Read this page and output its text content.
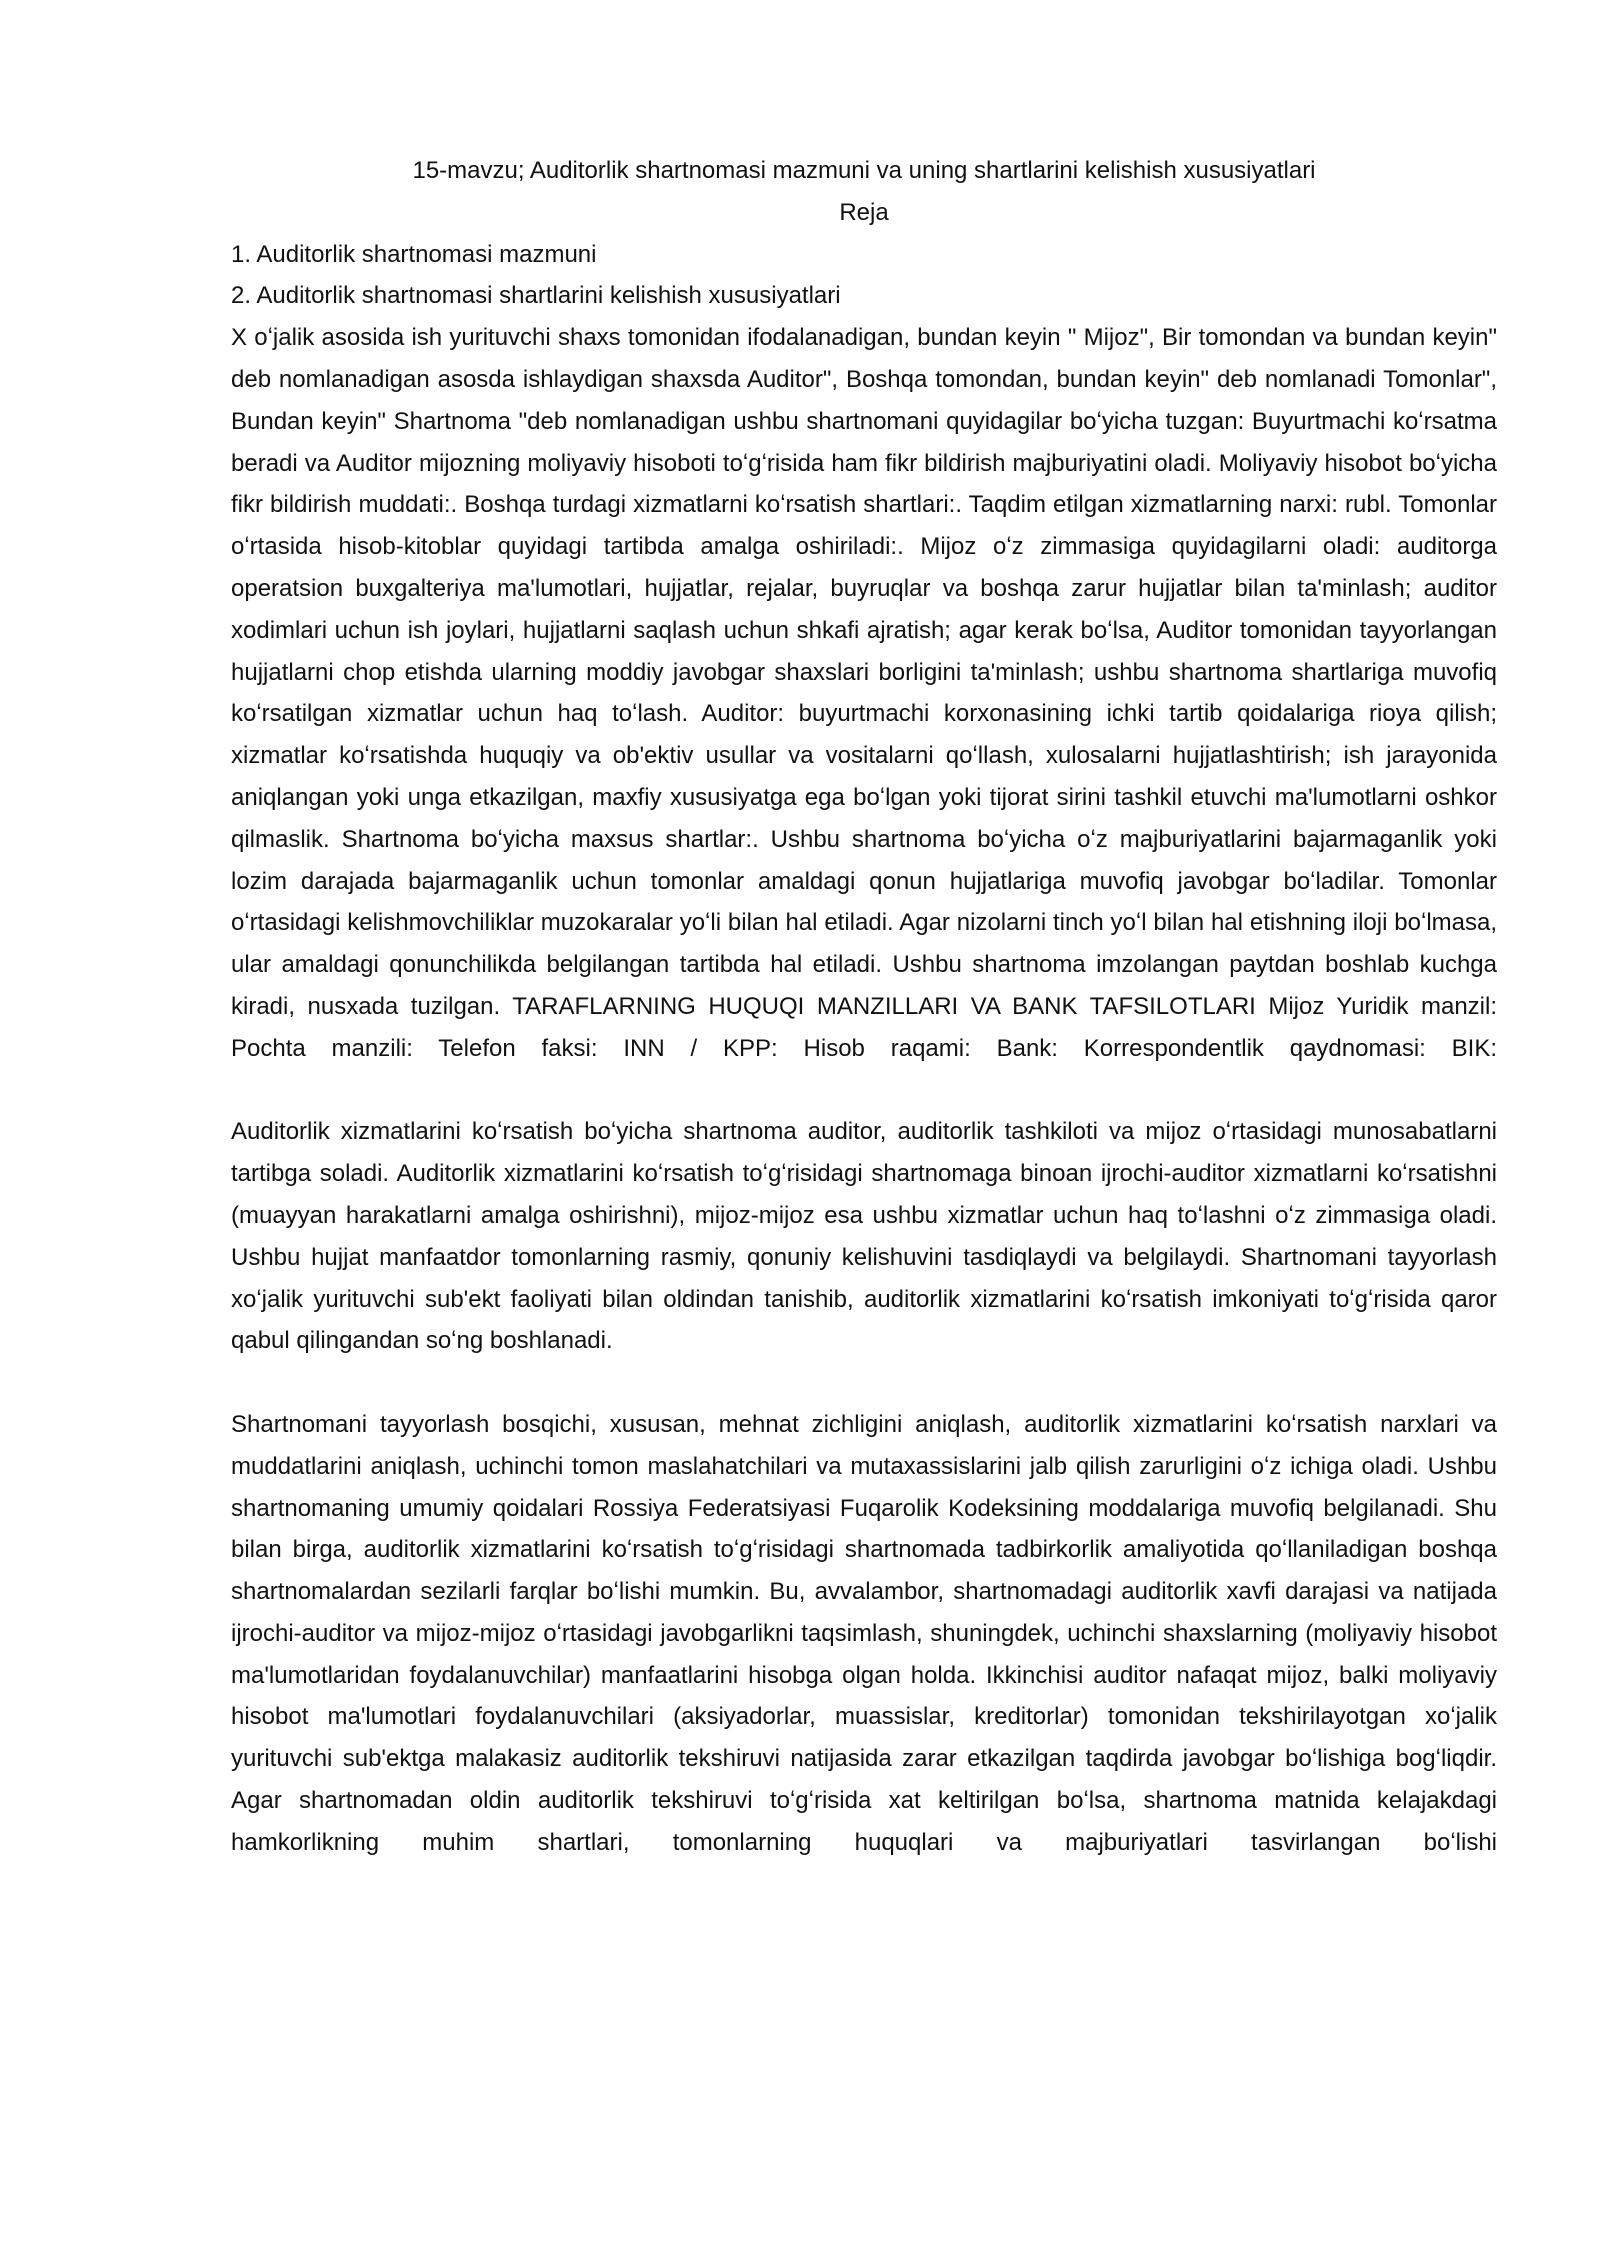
15-mavzu; Auditorlik shartnomasi mazmuni va uning shartlarini kelishish xususiyatlari

Reja

1. Auditorlik shartnomasi mazmuni

2. Auditorlik shartnomasi shartlarini kelishish xususiyatlari

X oʻjalik asosida ish yurituvchi shaxs tomonidan ifodalanadigan, bundan keyin " Mijoz", Bir tomondan va bundan keyin" deb nomlanadigan asosda ishlaydigan shaxsda Auditor", Boshqa tomondan, bundan keyin" deb nomlanadi Tomonlar", Bundan keyin" Shartnoma "deb nomlanadigan ushbu shartnomani quyidagilar boʻyicha tuzgan: Buyurtmachi koʻrsatma beradi va Auditor mijozning moliyaviy hisoboti toʻgʻrisida ham fikr bildirish majburiyatini oladi. Moliyaviy hisobot boʻyicha fikr bildirish muddati:. Boshqa turdagi xizmatlarni koʻrsatish shartlari:. Taqdim etilgan xizmatlarning narxi: rubl. Tomonlar oʻrtasida hisob-kitoblar quyidagi tartibda amalga oshiriladi:. Mijoz oʻz zimmasiga quyidagilarni oladi: auditorga operatsion buxgalteriya ma'lumotlari, hujjatlar, rejalar, buyruqlar va boshqa zarur hujjatlar bilan ta'minlash; auditor xodimlari uchun ish joylari, hujjatlarni saqlash uchun shkafi ajratish; agar kerak boʻlsa, Auditor tomonidan tayyorlangan hujjatlarni chop etishda ularning moddiy javobgar shaxslari borligini ta'minlash; ushbu shartnoma shartlariga muvofiq koʻrsatilgan xizmatlar uchun haq toʻlash. Auditor: buyurtmachi korxonasining ichki tartib qoidalariga rioya qilish; xizmatlar koʻrsatishda huquqiy va ob'ektiv usullar va vositalarni qoʻllash, xulosalarni hujjatlashtirish; ish jarayonida aniqlangan yoki unga etkazilgan, maxfiy xususiyatga ega boʻlgan yoki tijorat sirini tashkil etuvchi ma'lumotlarni oshkor qilmaslik. Shartnoma boʻyicha maxsus shartlar:. Ushbu shartnoma boʻyicha oʻz majburiyatlarini bajarmaganlik yoki lozim darajada bajarmaganlik uchun tomonlar amaldagi qonun hujjatlariga muvofiq javobgar boʻladilar. Tomonlar oʻrtasidagi kelishmovchiliklar muzokaralar yoʻli bilan hal etiladi. Agar nizolarni tinch yoʻl bilan hal etishning iloji boʻlmasa, ular amaldagi qonunchilikda belgilangan tartibda hal etiladi. Ushbu shartnoma imzolangan paytdan boshlab kuchga kiradi, nusxada tuzilgan. TARAFLARNING HUQUQI MANZILLARI VA BANK TAFSILOTLARI Mijoz Yuridik manzil: Pochta manzili: Telefon faksi: INN / KPP: Hisob raqami: Bank: Korrespondentlik qaydnomasi: BIK:

Auditorlik xizmatlarini koʻrsatish boʻyicha shartnoma auditor, auditorlik tashkiloti va mijoz oʻrtasidagi munosabatlarni tartibga soladi. Auditorlik xizmatlarini koʻrsatish toʻgʻrisidagi shartnomaga binoan ijrochi-auditor xizmatlarni koʻrsatishni (muayyan harakatlarni amalga oshirishni), mijoz-mijoz esa ushbu xizmatlar uchun haq toʻlashni oʻz zimmasiga oladi. Ushbu hujjat manfaatdor tomonlarning rasmiy, qonuniy kelishuvini tasdiqlaydi va belgilaydi. Shartnomani tayyorlash xoʻjalik yurituvchi sub'ekt faoliyati bilan oldindan tanishib, auditorlik xizmatlarini koʻrsatish imkoniyati toʻgʻrisida qaror qabul qilingandan soʻng boshlanadi.

Shartnomani tayyorlash bosqichi, xususan, mehnat zichligini aniqlash, auditorlik xizmatlarini koʻrsatish narxlari va muddatlarini aniqlash, uchinchi tomon maslahatchilari va mutaxassislarini jalb qilish zarurligini oʻz ichiga oladi. Ushbu shartnomaning umumiy qoidalari Rossiya Federatsiyasi Fuqarolik Kodeksining moddalariga muvofiq belgilanadi. Shu bilan birga, auditorlik xizmatlarini koʻrsatish toʻgʻrisidagi shartnomada tadbirkorlik amaliyotida qoʻllaniladigan boshqa shartnomalardan sezilarli farqlar boʻlishi mumkin. Bu, avvalambor, shartnomadagi auditorlik xavfi darajasi va natijada ijrochi-auditor va mijoz-mijoz oʻrtasidagi javobgarlikni taqsimlash, shuningdek, uchinchi shaxslarning (moliyaviy hisobot ma'lumotlaridan foydalanuvchilar) manfaatlarini hisobga olgan holda. Ikkinchisi auditor nafaqat mijoz, balki moliyaviy hisobot ma'lumotlari foydalanuvchilari (aksiyadorlar, muassislar, kreditorlar) tomonidan tekshirilayotgan xoʻjalik yurituvchi sub'ektga malakasiz auditorlik tekshiruvi natijasida zarar etkazilgan taqdirda javobgar boʻlishiga bogʻliqdir.

Agar shartnomadan oldin auditorlik tekshiruvi toʻgʻrisida xat keltirilgan boʻlsa, shartnoma matnida kelajakdagi hamkorlikning muhim shartlari, tomonlarning huquqlari va majburiyatlari tasvirlangan boʻlishi
